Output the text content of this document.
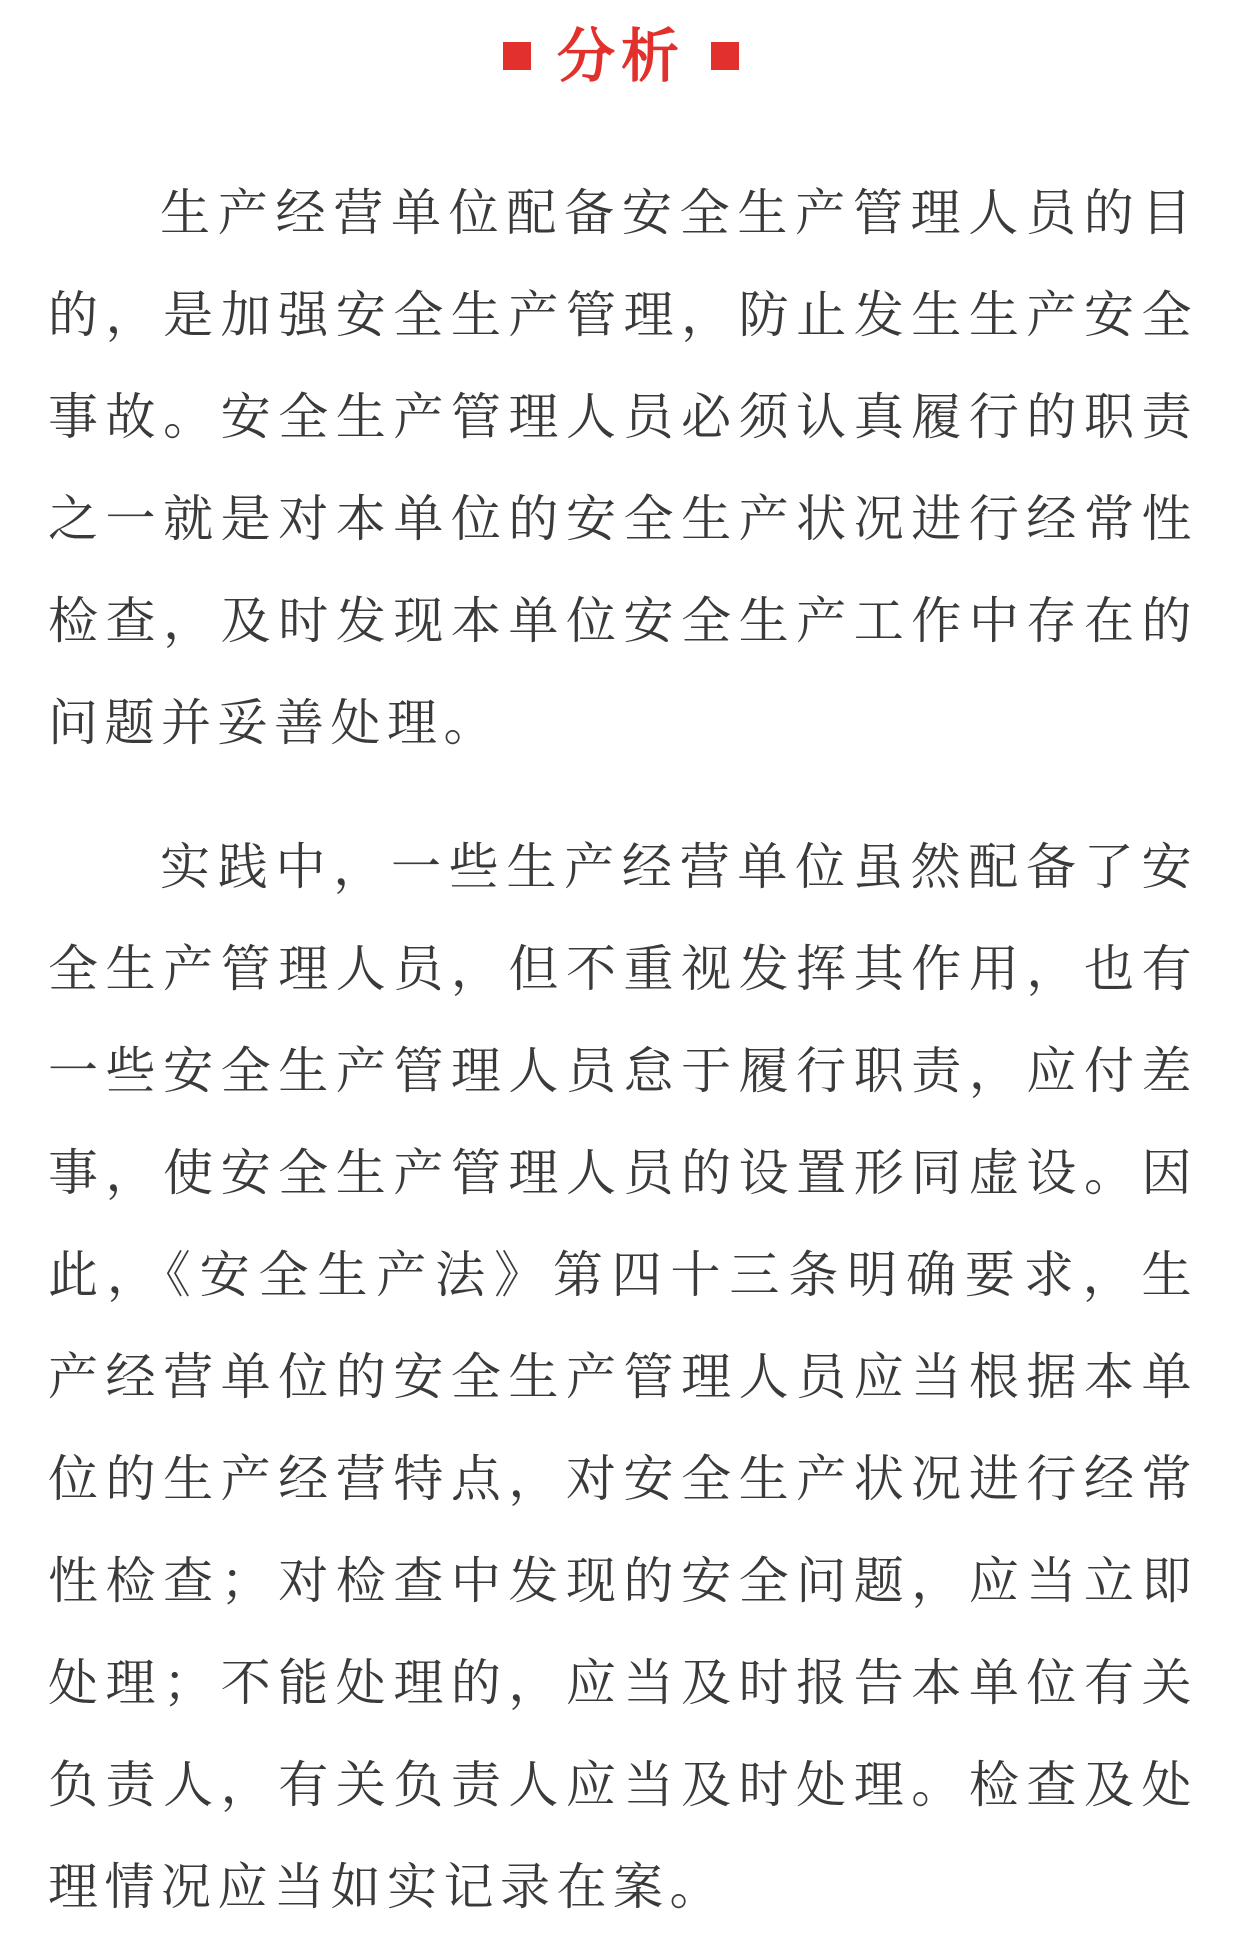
分析

生产经营单位配备安全生产管理人员的目的，是加强安全生产管理，防止发生生产安全事故。安全生产管理人员必须认真履行的职责之一就是对本单位的安全生产状况进行经常性检查，及时发现本单位安全生产工作中存在的问题并妥善处理。

实践中，一些生产经营单位虽然配备了安全生产管理人员，但不重视发挥其作用，也有一些安全生产管理人员怠于履行职责，应付差事，使安全生产管理人员的设置形同虚设。因此，《安全生产法》第四十三条明确要求，生产经营单位的安全生产管理人员应当根据本单位的生产经营特点，对安全生产状况进行经常性检查；对检查中发现的安全问题，应当立即处理；不能处理的，应当及时报告本单位有关负责人，有关负责人应当及时处理。检查及处理情况应当如实记录在案。
